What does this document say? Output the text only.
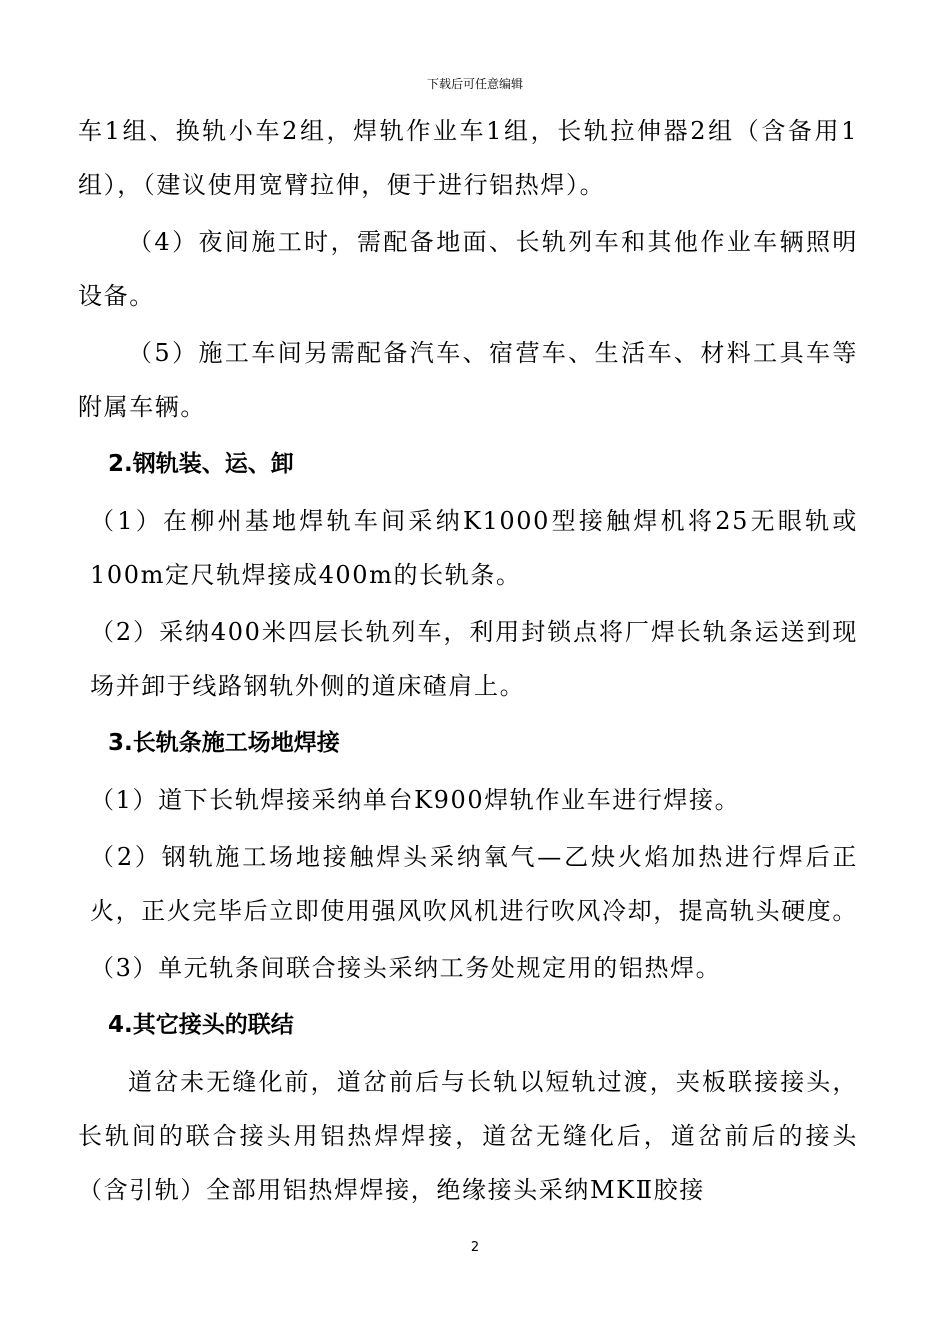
下载后可任意编辑

车1组、换轨小车2组，焊轨作业车1组，长轨拉伸器2组（含备用1组），（建议使用宽臂拉伸，便于进行铝热焊）。

（4）夜间施工时，需配备地面、长轨列车和其他作业车辆照明设备。

（5）施工车间另需配备汽车、宿营车、生活车、材料工具车等附属车辆。

2.钢轨装、运、卸

（1）在柳州基地焊轨车间采纳K1000型接触焊机将25无眼轨或100m定尺轨焊接成400m的长轨条。

（2）采纳400米四层长轨列车，利用封锁点将厂焊长轨条运送到现场并卸于线路钢轨外侧的道床碴肩上。

3.长轨条施工场地焊接

（1）道下长轨焊接采纳单台K900焊轨作业车进行焊接。

（2）钢轨施工场地接触焊头采纳氧气—乙炔火焰加热进行焊后正火，正火完毕后立即使用强风吹风机进行吹风冷却，提高轨头硬度。

（3）单元轨条间联合接头采纳工务处规定用的铝热焊。

4.其它接头的联结

道岔未无缝化前，道岔前后与长轨以短轨过渡，夹板联接接头，长轨间的联合接头用铝热焊焊接，道岔无缝化后，道岔前后的接头（含引轨）全部用铝热焊焊接，绝缘接头采纳MKⅡ胶接

2
